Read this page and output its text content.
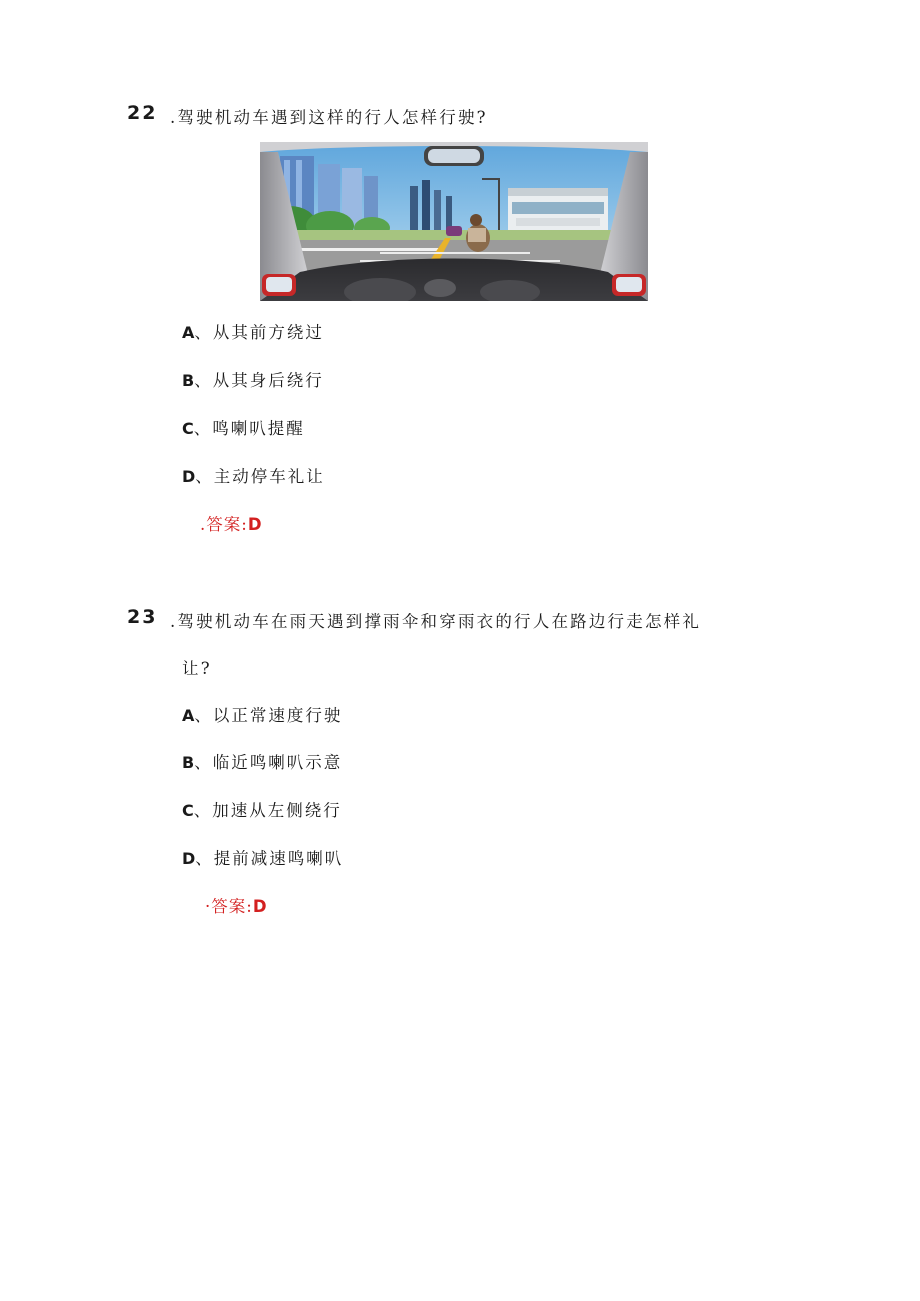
22 .驾驶机动车遇到这样的行人怎样行驶?
A、从其前方绕过
B、从其身后绕行
C、鸣喇叭提醒
D、主动停车礼让
.答案:D
23 .驾驶机动车在雨天遇到撑雨伞和穿雨衣的行人在路边行走怎样礼
让?
A、以正常速度行驶
B、临近鸣喇叭示意
C、加速从左侧绕行
D、提前减速鸣喇叭
·答案:D
